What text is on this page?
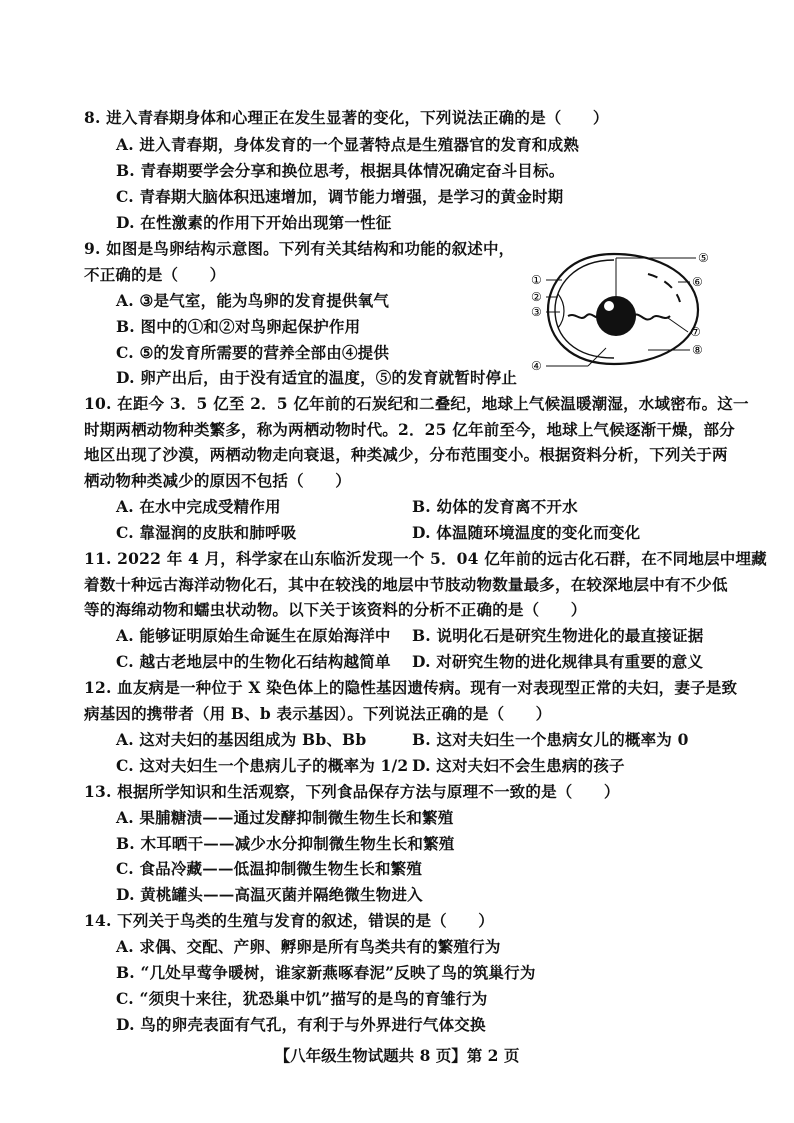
8. 进入青春期身体和心理正在发生显著的变化，下列说法正确的是（　　）
A. 进入青春期，身体发育的一个显著特点是生殖器官的发育和成熟
B. 青春期要学会分享和换位思考，根据具体情况确定奋斗目标。
C. 青春期大脑体积迅速增加，调节能力增强，是学习的黄金时期
D. 在性激素的作用下开始出现第一性征
9. 如图是鸟卵结构示意图。下列有关其结构和功能的叙述中，
不正确的是（　　）
A. ③是气室，能为鸟卵的发育提供氧气
B. 图中的①和②对鸟卵起保护作用
C. ⑤的发育所需要的营养全部由④提供
D. 卵产出后，由于没有适宜的温度，⑤的发育就暂时停止
①
②
③
④
⑤
⑥
⑦
⑧
10. 在距今 3．5 亿至 2．5 亿年前的石炭纪和二叠纪，地球上气候温暖潮湿，水域密布。这一
时期两栖动物种类繁多，称为两栖动物时代。2．25 亿年前至今，地球上气候逐渐干燥，部分
地区出现了沙漠，两栖动物走向衰退，种类减少，分布范围变小。根据资料分析，下列关于两
栖动物种类减少的原因不包括（　　）
A. 在水中完成受精作用	B. 幼体的发育离不开水
C. 靠湿润的皮肤和肺呼吸	D. 体温随环境温度的变化而变化
11. 2022 年 4 月，科学家在山东临沂发现一个 5．04 亿年前的远古化石群，在不同地层中埋藏
着数十种远古海洋动物化石，其中在较浅的地层中节肢动物数量最多，在较深地层中有不少低
等的海绵动物和蠕虫状动物。以下关于该资料的分析不正确的是（　　）
A. 能够证明原始生命诞生在原始海洋中 B. 说明化石是研究生物进化的最直接证据
C. 越古老地层中的生物化石结构越简单 D. 对研究生物的进化规律具有重要的意义
12. 血友病是一种位于 X 染色体上的隐性基因遗传病。现有一对表现型正常的夫妇，妻子是致
病基因的携带者（用 B、b 表示基因）。下列说法正确的是（　　）
A. 这对夫妇的基因组成为 Bb、Bb	B. 这对夫妇生一个患病女儿的概率为 0
C. 这对夫妇生一个患病儿子的概率为 1/2 D. 这对夫妇不会生患病的孩子
13. 根据所学知识和生活观察，下列食品保存方法与原理不一致的是（　　）
A. 果脯糖渍——通过发酵抑制微生物生长和繁殖
B. 木耳晒干——减少水分抑制微生物生长和繁殖
C. 食品冷藏——低温抑制微生物生长和繁殖
D. 黄桃罐头——高温灭菌并隔绝微生物进入
14. 下列关于鸟类的生殖与发育的叙述，错误的是（　　）
A. 求偶、交配、产卵、孵卵是所有鸟类共有的繁殖行为
B. “几处早莺争暖树，谁家新燕啄春泥”反映了鸟的筑巢行为
C. “须臾十来往，犹恐巢中饥”描写的是鸟的育雏行为
D. 鸟的卵壳表面有气孔，有利于与外界进行气体交换
【八年级生物试题共 8 页】第 2 页
